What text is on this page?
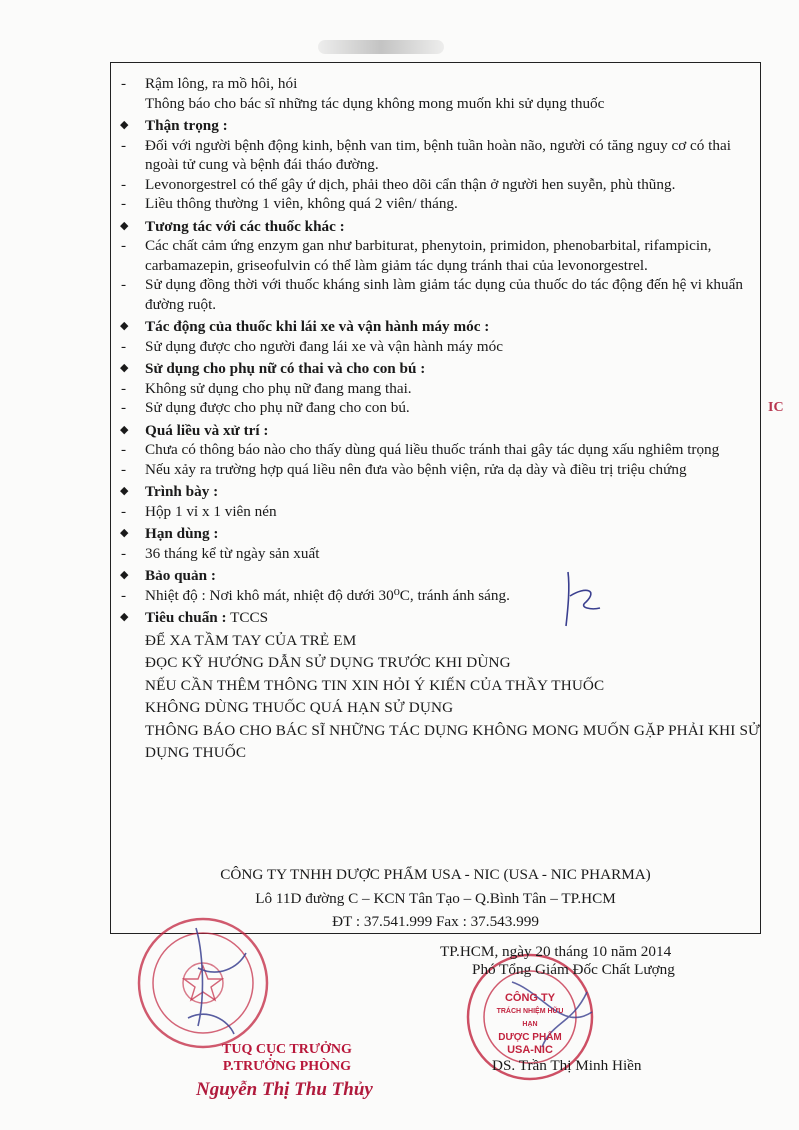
-	Rậm lông, ra mồ hôi, hói
Thông báo cho bác sĩ những tác dụng không mong muốn khi sử dụng thuốc
◆	Thận trọng :
-	Đối với người bệnh động kinh, bệnh van tim, bệnh tuần hoàn não, người có tăng nguy cơ có thai ngoài tử cung và bệnh đái tháo đường.
-	Levonorgestrel có thể gây ứ dịch, phải theo dõi cẩn thận ở người hen suyễn, phù thũng.
-	Liều thông thường 1 viên, không quá 2 viên/ tháng.
◆	Tương tác với các thuốc khác :
-	Các chất cảm ứng enzym gan như barbiturat, phenytoin, primidon, phenobarbital, rifampicin, carbamazepin, griseofulvin có thể làm giảm tác dụng tránh thai của levonorgestrel.
-	Sử dụng đồng thời với thuốc kháng sinh làm giảm tác dụng của thuốc do tác động đến hệ vi khuẩn đường ruột.
◆	Tác động của thuốc khi lái xe và vận hành máy móc :
-	Sử dụng được cho người đang lái xe và vận hành máy móc
◆	Sử dụng cho phụ nữ có thai và cho con bú :
-	Không sử dụng cho phụ nữ đang mang thai.
-	Sử dụng được cho phụ nữ đang cho con bú.
◆	Quá liều và xử trí :
-	Chưa có thông báo nào cho thấy dùng quá liều thuốc tránh thai gây tác dụng xấu nghiêm trọng
-	Nếu xảy ra trường hợp quá liều nên đưa vào bệnh viện, rửa dạ dày và điều trị triệu chứng
◆	Trình bày :
-	Hộp 1 vỉ x 1 viên nén
◆	Hạn dùng :
-	36 tháng kể từ ngày sản xuất
◆	Bảo quản :
-	Nhiệt độ : Nơi khô mát, nhiệt độ dưới 30⁰C, tránh ánh sáng.
◆	Tiêu chuẩn : TCCS
ĐỂ XA TẦM TAY CỦA TRẺ EM
ĐỌC KỸ HƯỚNG DẪN SỬ DỤNG TRƯỚC KHI DÙNG
NẾU CẦN THÊM THÔNG TIN XIN HỎI Ý KIẾN CỦA THẦY THUỐC
KHÔNG DÙNG THUỐC QUÁ HẠN SỬ DỤNG
THÔNG BÁO CHO BÁC SĨ NHỮNG TÁC DỤNG KHÔNG MONG MUỐN GẶP PHẢI KHI SỬ DỤNG THUỐC
CÔNG TY TNHH DƯỢC PHẨM USA - NIC (USA - NIC PHARMA)
Lô 11D đường C – KCN Tân Tạo – Q.Bình Tân – TP.HCM
ĐT : 37.541.999 Fax : 37.543.999
CÔNG TY
TRÁCH NHIỆM HỮU HẠN
DƯỢC PHẨM
USA-NIC
TP.HCM, ngày 20 tháng 10 năm 2014
Phó Tổng Giám Đốc Chất Lượng
DS. Trần Thị Minh Hiền
TUQ CỤC TRƯỞNG
P.TRƯỞNG PHÒNG
Nguyễn Thị Thu Thủy
IC
